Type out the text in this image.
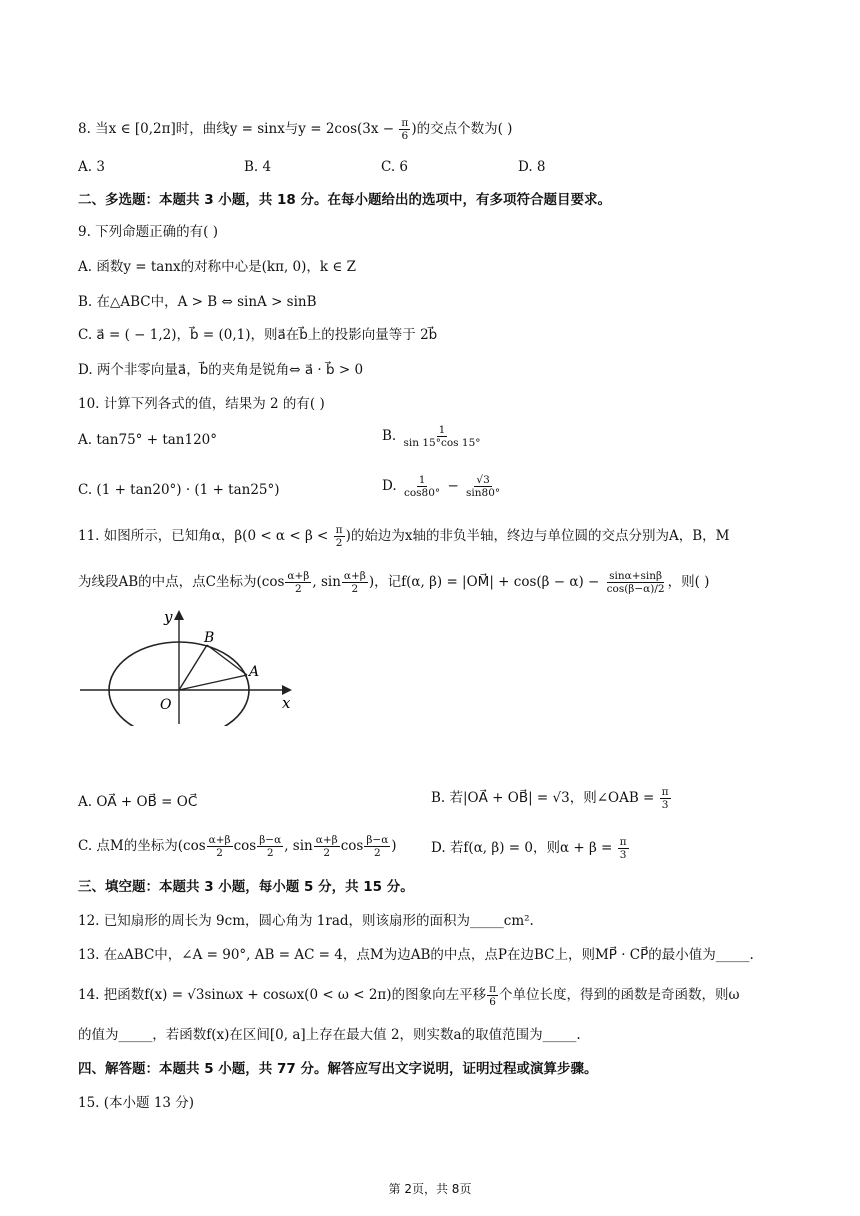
8. 当x ∈ [0,2π]时，曲线y = sinx与$y = 2\cos(3x - \frac{\pi}{6}$ )的交点个数为( )
A. 3	B. 4	C. 6	D. 8
二、多选题：本题共 3 小题，共 18 分。在每小题给出的选项中，有多项符合题目要求。
9. 下列命题正确的有( )
A. 函数y = tanx的对称中心是(kπ, 0)，k ∈ Z
B. 在△ABC中，A > B ⇔ sinA > sinB
C. a⃗ = ( − 1,2)，b⃗ = (0,1)，则a⃗在b⃗上的投影向量等于 2b⃗
D. 两个非零向量a⃗，b⃗的夹角是锐角⇔ a⃗ · b⃗ > 0
10. 计算下列各式的值，结果为 2 的有( )
A. tan75° + tan120°	B. $\frac{1}{\sin 15^\circ\cos 15^\circ}$
C. (1 + tan20°) · (1 + tan25°)	D. $\frac{1}{\cos 80^\circ} - \frac{√3}{\sin 80^\circ}$
11. 如图所示，已知角α，$\beta(0 < \alpha < \beta < \frac{\pi}{2}$ )的始边为x轴的非负半轴，终边与单位圆的交点分别为A，B，M
为线段AB的中点，点C坐标为($\cos \frac{\alpha+\beta}{2}$ , $\sin \frac{\alpha+\beta}{2}$ )，记f(α, β) = |OM⃗| + $\cos(\beta - \alpha) - \frac{\sin\alpha+\sin\beta}{\cos(\beta-\alpha)/2}$ ，则( )
y
x
O
B
A
A. OA⃗ + OB⃗ = OC⃗	B. 若|OA⃗ + OB⃗| = √3，则∠OAB = $\frac{\pi}{3}$
C. 点M的坐标为($\cos \frac{\alpha+\beta}{2}$ $\cos \frac{\beta-\alpha}{2}$ , $\sin \frac{\alpha+\beta}{2}$ $\cos \frac{\beta-\alpha}{2}$ )	D. 若f(α, β) = 0，则$\alpha + \beta = \frac{\pi}{3}$
三、填空题：本题共 3 小题，每小题 5 分，共 15 分。
12. 已知扇形的周长为 9cm，圆心角为 1rad，则该扇形的面积为_____cm².
13. 在▵ABC中，∠A = 90°, AB = AC = 4，点M为边AB的中点，点P在边BC上，则MP⃗ · CP⃗的最小值为_____.
14. 把函数f(x) = √3sinωx + cosωx(0 < ω < 2π)的图象向左平移 $\frac{\pi}{6}$ 个单位长度，得到的函数是奇函数，则ω
的值为_____，若函数f(x)在区间[0, a]上存在最大值 2，则实数a的取值范围为_____.
四、解答题：本题共 5 小题，共 77 分。解答应写出文字说明，证明过程或演算步骤。
15. (本小题 13 分)
第 2页，共 8页
